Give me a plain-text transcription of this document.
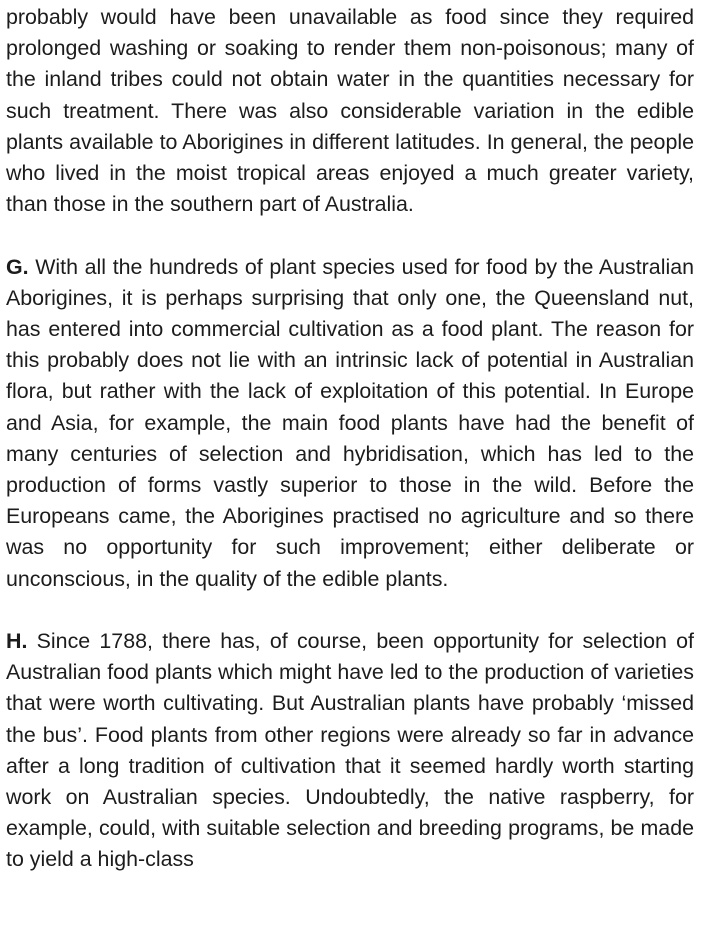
probably would have been unavailable as food since they required prolonged washing or soaking to render them non-poisonous; many of the inland tribes could not obtain water in the quantities necessary for such treatment. There was also considerable variation in the edible plants available to Aborigines in different latitudes. In general, the people who lived in the moist tropical areas enjoyed a much greater variety, than those in the southern part of Australia.

G. With all the hundreds of plant species used for food by the Australian Aborigines, it is perhaps surprising that only one, the Queensland nut, has entered into commercial cultivation as a food plant. The reason for this probably does not lie with an intrinsic lack of potential in Australian flora, but rather with the lack of exploitation of this potential. In Europe and Asia, for example, the main food plants have had the benefit of many centuries of selection and hybridisation, which has led to the production of forms vastly superior to those in the wild. Before the Europeans came, the Aborigines practised no agriculture and so there was no opportunity for such improvement; either deliberate or unconscious, in the quality of the edible plants.

H. Since 1788, there has, of course, been opportunity for selection of Australian food plants which might have led to the production of varieties that were worth cultivating. But Australian plants have probably ‘missed the bus’. Food plants from other regions were already so far in advance after a long tradition of cultivation that it seemed hardly worth starting work on Australian species. Undoubtedly, the native raspberry, for example, could, with suitable selection and breeding programs, be made to yield a high-class
